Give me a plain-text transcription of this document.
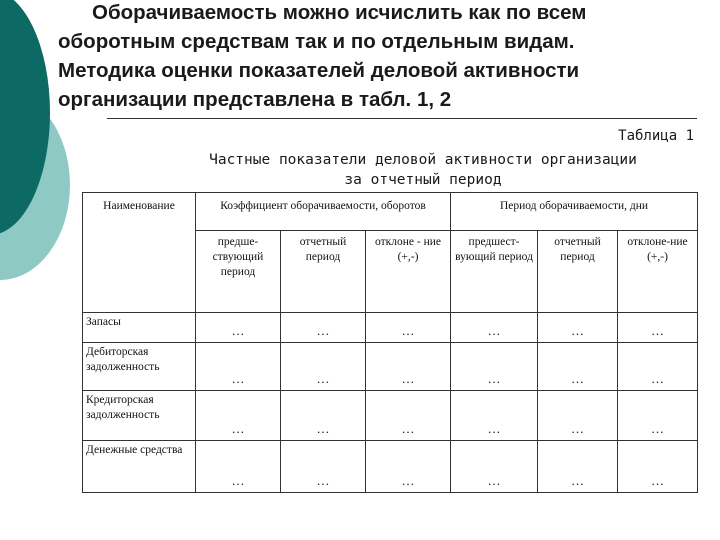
Оборачиваемость можно исчислить как по всем
оборотным средствам так и по отдельным видам.
Методика оценки показателей деловой активности
организации представлена в табл. 1, 2
Таблица 1
Частные показатели деловой активности организации
за отчетный период
Наименование	Коэффициент оборачиваемости, оборотов			Период оборачиваемости, дни		
	предше-ствующий период	отчетный период	отклоне - ние (+,-)	предшест-вующий период	отчетный период	отклоне-ние (+,-)
Запасы	…	…	…	…	…	…
Дебиторская задолженность	…	…	…	…	…	…
Кредиторская задолженность	…	…	…	…	…	…
Денежные средства	…	…	…	…	…	…
